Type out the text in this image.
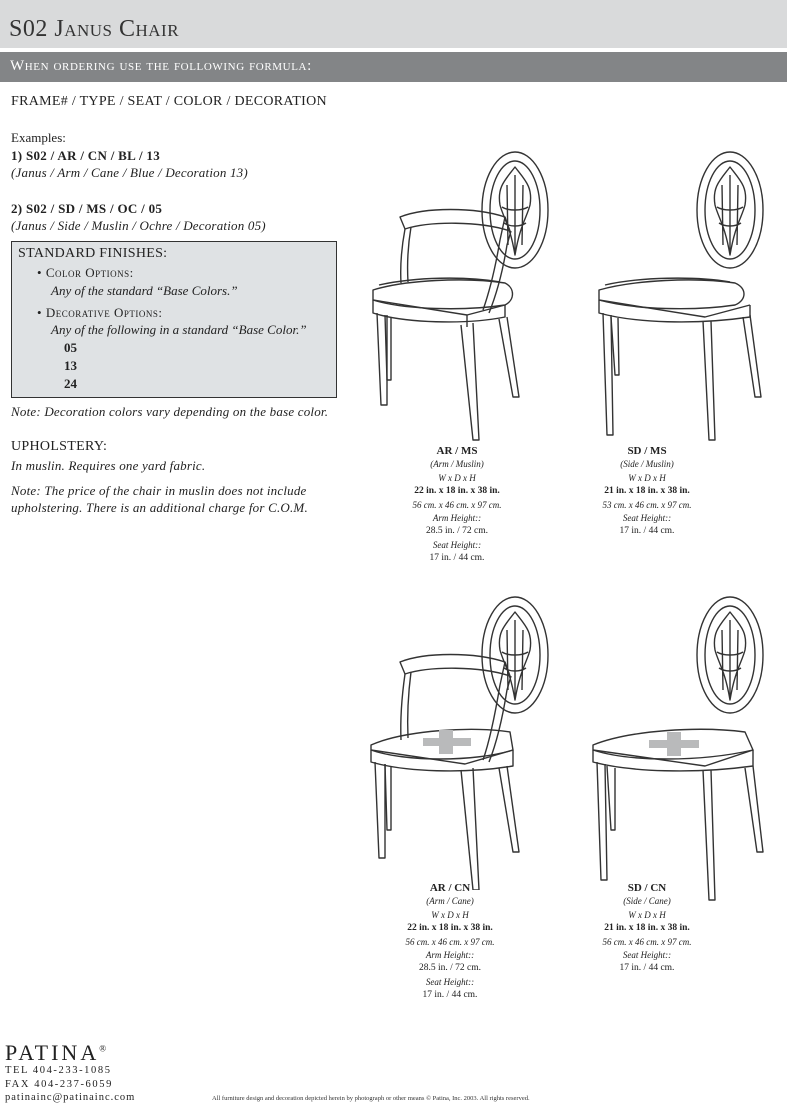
S02 Janus Chair
When ordering use the following formula:
FRAME# / TYPE / SEAT / COLOR / DECORATION
Examples:
1) S02 / AR / CN / BL / 13
(Janus / Arm / Cane / Blue / Decoration 13)
2) S02 / SD / MS / OC / 05
(Janus / Side / Muslin / Ochre / Decoration 05)
STANDARD FINISHES:
• Color Options:
Any of the standard “Base Colors.”
• Decorative Options:
Any of the following in a standard “Base Color.”
05
13
24
Note: Decoration colors vary depending on the base color.
UPHOLSTERY:
In muslin. Requires one yard fabric.
Note: The price of the chair in muslin does not include
upholstering. There is an additional charge for C.O.M.
AR / MS
(Arm / Muslin)
W x D x H
22 in. x 18 in. x 38 in.
56 cm. x 46 cm. x 97 cm.
Arm Height::
28.5 in. / 72 cm.
Seat Height::
17 in. / 44 cm.
SD / MS
(Side / Muslin)
W x D x H
21 in. x 18 in. x 38 in.
53 cm. x 46 cm. x 97 cm.
Seat Height::
17 in. / 44 cm.
AR / CN
(Arm / Cane)
W x D x H
22 in. x 18 in. x 38 in.
56 cm. x 46 cm. x 97 cm.
Arm Height::
28.5 in. / 72 cm.
Seat Height::
17 in. / 44 cm.
SD / CN
(Side / Cane)
W x D x H
21 in. x 18 in. x 38 in.
56 cm. x 46 cm. x 97 cm.
Seat Height::
17 in. / 44 cm.
PATINA®
TEL 404-233-1085
FAX 404-237-6059
patinainc@patinainc.com	All furniture design and decoration depicted herein by photograph or other means © Patina, Inc. 2003. All rights reserved.
